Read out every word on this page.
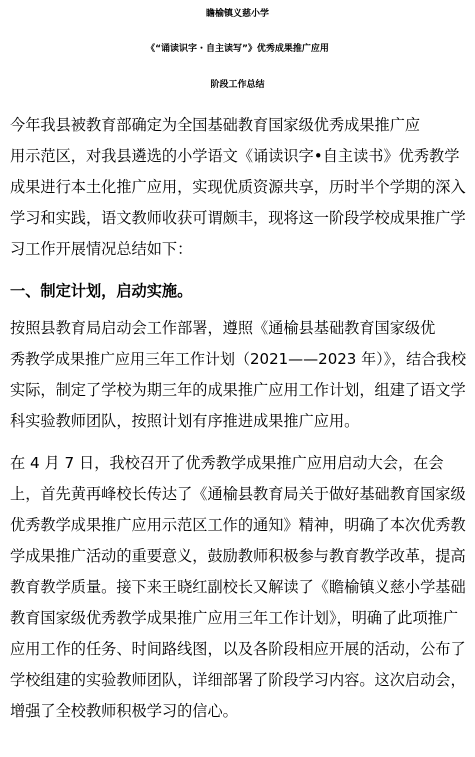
瞻榆镇义慈小学
《“诵读识字・自主读写”》优秀成果推广应用
阶段工作总结
今年我县被教育部确定为全国基础教育国家级优秀成果推广应
用示范区，对我县遴选的小学语文《诵读识字•自主读书》优秀教学
成果进行本土化推广应用，实现优质资源共享，历时半个学期的深入
学习和实践，语文教师收获可谓颇丰，现将这一阶段学校成果推广学
习工作开展情况总结如下：
一、制定计划，启动实施。
按照县教育局启动会工作部署，遵照《通榆县基础教育国家级优
秀教学成果推广应用三年工作计划（2021——2023 年）》，结合我校
实际，制定了学校为期三年的成果推广应用工作计划，组建了语文学
科实验教师团队，按照计划有序推进成果推广应用。
在 4 月 7 日，我校召开了优秀教学成果推广应用启动大会，在会
上，首先黄再峰校长传达了《通榆县教育局关于做好基础教育国家级
优秀教学成果推广应用示范区工作的通知》精神，明确了本次优秀教
学成果推广活动的重要意义，鼓励教师积极参与教育教学改革，提高
教育教学质量。接下来王晓红副校长又解读了《瞻榆镇义慈小学基础
教育国家级优秀教学成果推广应用三年工作计划》，明确了此项推广
应用工作的任务、时间路线图，以及各阶段相应开展的活动，公布了
学校组建的实验教师团队，详细部署了阶段学习内容。这次启动会，
增强了全校教师积极学习的信心。
